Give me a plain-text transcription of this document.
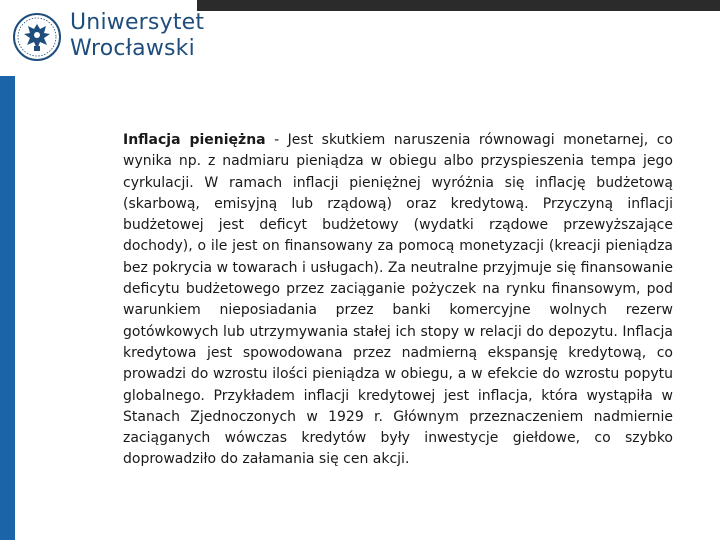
Uniwersytet
Wrocławski
Inflacja pieniężna - Jest skutkiem naruszenia równowagi monetarnej, co wynika np. z nadmiaru pieniądza w obiegu albo przyspieszenia tempa jego cyrkulacji. W ramach inflacji pieniężnej wyróżnia się inflację budżetową (skarbową, emisyjną lub rządową) oraz kredytową. Przyczyną inflacji budżetowej jest deficyt budżetowy (wydatki rządowe przewyższające dochody), o ile jest on finansowany za pomocą monetyzacji (kreacji pieniądza bez pokrycia w towarach i usługach). Za neutralne przyjmuje się finansowanie deficytu budżetowego przez zaciąganie pożyczek na rynku finansowym, pod warunkiem nieposiadania przez banki komercyjne wolnych rezerw gotówkowych lub utrzymywania stałej ich stopy w relacji do depozytu. Inflacja kredytowa jest spowodowana przez nadmierną ekspansję kredytową, co prowadzi do wzrostu ilości pieniądza w obiegu, a w efekcie do wzrostu popytu globalnego. Przykładem inflacji kredytowej jest inflacja, która wystąpiła w Stanach Zjednoczonych w 1929 r. Głównym przeznaczeniem nadmiernie zaciąganych wówczas kredytów były inwestycje giełdowe, co szybko doprowadziło do załamania się cen akcji.
